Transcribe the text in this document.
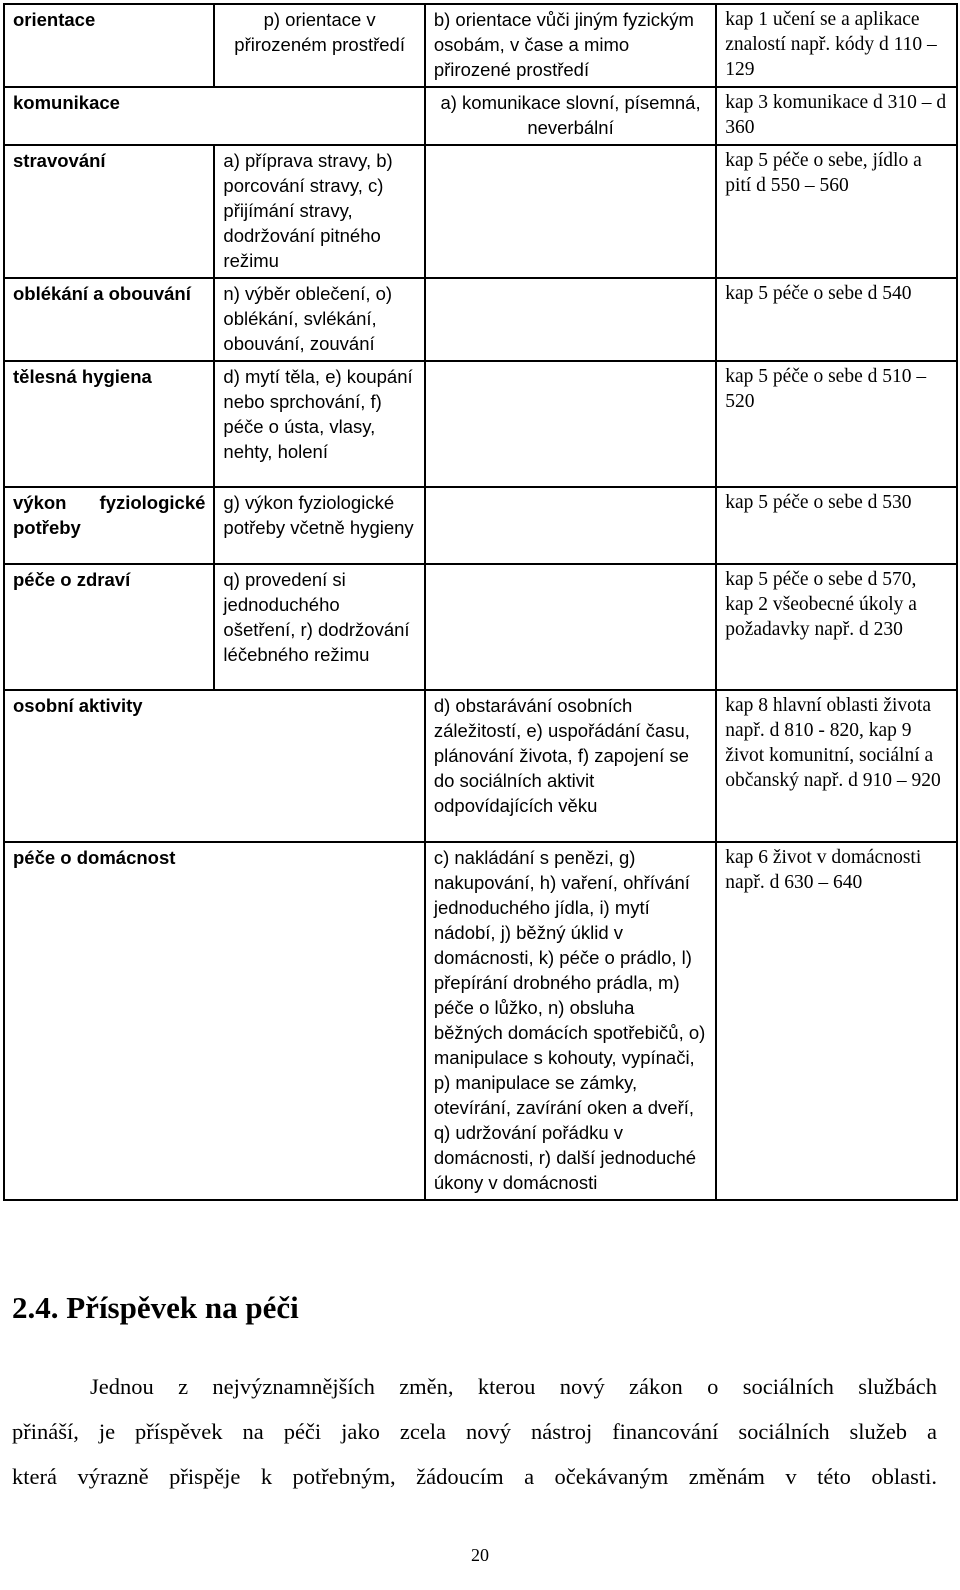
orientace	p) orientace v přirozeném prostředí	b) orientace vůči jiným fyzickým osobám, v čase a mimo přirozené prostředí	kap 1 učení se a aplikace znalostí např. kódy d 110 – 129
komunikace		a) komunikace slovní, písemná, neverbální	kap 3 komunikace d 310 – d 360
stravování	a) příprava stravy, b) porcování stravy, c) přijímání stravy, dodržování pitného režimu		kap 5 péče o sebe, jídlo a pití d 550 – 560
oblékání a obouvání	n) výběr oblečení, o) oblékání, svlékání, obouvání, zouvání		kap 5 péče o sebe d 540
tělesná hygiena	d) mytí těla, e) koupání nebo sprchování, f) péče o ústa, vlasy, nehty, holení		kap 5 péče o sebe d 510 – 520

výkon fyziologické potřeby	g) výkon fyziologické potřeby včetně hygieny		kap 5 péče o sebe d 530
péče o zdraví	q) provedení si jednoduchého ošetření, r) dodržování léčebného režimu		kap 5 péče o sebe d 570, kap 2 všeobecné úkoly a požadavky např. d 230
osobní aktivity		d) obstarávání osobních záležitostí, e) uspořádání času, plánování života, f) zapojení se do sociálních aktivit odpovídajících věku	kap 8 hlavní oblasti života např. d 810 - 820, kap 9 život komunitní, sociální a občanský např. d 910 – 920
péče o domácnost		c) nakládání s penězi, g) nakupování, h) vaření, ohřívání jednoduchého jídla, i) mytí nádobí, j) běžný úklid v domácnosti, k) péče o prádlo, l) přepírání drobného prádla, m) péče o lůžko, n) obsluha běžných domácích spotřebičů, o) manipulace s kohouty, vypínači, p) manipulace se zámky, otevírání, zavírání oken a dveří, q) udržování pořádku v domácnosti, r) další jednoduché úkony v domácnosti	kap 6 život v domácnosti např. d 630 – 640
2.4. Příspěvek na péči

Jednou z nejvýznamnějších změn, kterou nový zákon o sociálních službách
přináší, je příspěvek na péči jako zcela nový nástroj financování sociálních služeb a
která výrazně přispěje k potřebným, žádoucím a očekávaným změnám v této oblasti.

20
